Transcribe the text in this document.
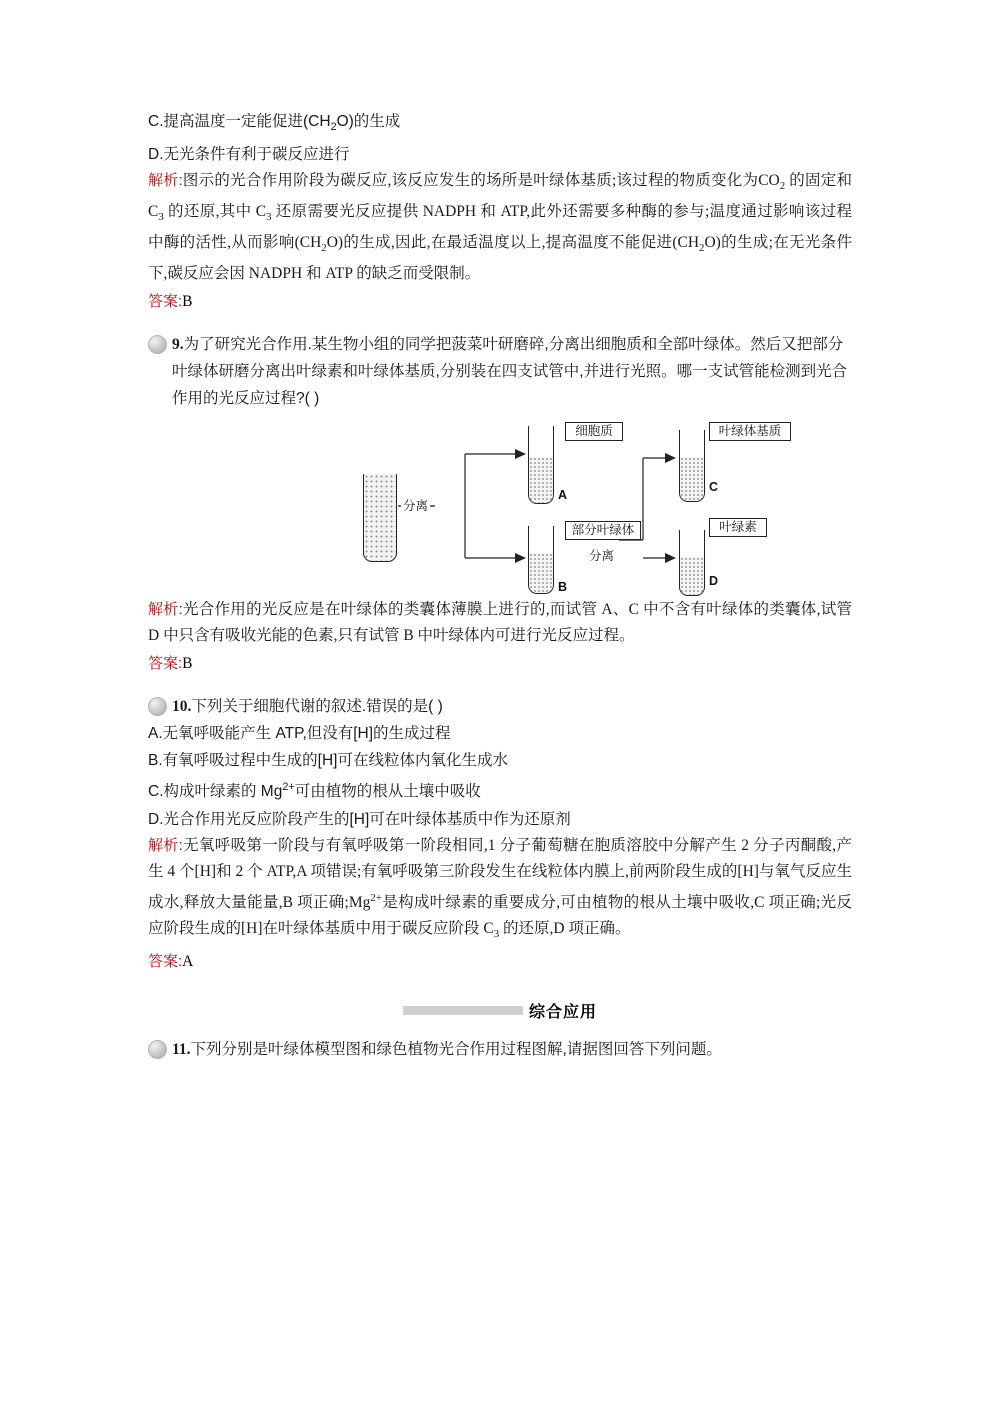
C.提高温度一定能促进$(CH_2O)$的生成
D.无光条件有利于碳反应进行

解析:图示的光合作用阶段为碳反应,该反应发生的场所是叶绿体基质;该过程的物质变化为$CO_2$ 的固定和 $C_3$ 的还原,其中 $C_3$ 还原需要光反应提供 NADPH 和 ATP,此外还需要多种酶的参与;温度通过影响该过程中酶的活性,从而影响$(CH_2O)$的生成,因此,在最适温度以上,提高温度不能促进$(CH_2O)$的生成;在无光条件下,碳反应会因 NADPH 和 ATP 的缺乏而受限制。

答案:B

9.为了研究光合作用.某生物小组的同学把菠菜叶研磨碎,分离出细胞质和全部叶绿体。然后又把部分叶绿体研磨分离出叶绿素和叶绿体基质,分别装在四支试管中,并进行光照。哪一支试管能检测到光合作用的光反应过程?( )
A
细胞质
B
部分叶绿体
分离
C
叶绿体基质
D
叶绿素
分离

解析:光合作用的光反应是在叶绿体的类囊体薄膜上进行的,而试管 A、C 中不含有叶绿体的类囊体,试管 D 中只含有吸收光能的色素,只有试管 B 中叶绿体内可进行光反应过程。

答案:B

10.下列关于细胞代谢的叙述.错误的是( )
A.无氧呼吸能产生 ATP,但没有[H]的生成过程
B.有氧呼吸过程中生成的[H]可在线粒体内氧化生成水
C.构成叶绿素的 $Mg^{2+}$可由植物的根从土壤中吸收
D.光合作用光反应阶段产生的[H]可在叶绿体基质中作为还原剂

解析:无氧呼吸第一阶段与有氧呼吸第一阶段相同,1 分子葡萄糖在胞质溶胶中分解产生 2 分子丙酮酸,产生 4 个[H]和 2 个 ATP,A 项错误;有氧呼吸第三阶段发生在线粒体内膜上,前两阶段生成的[H]与氧气反应生成水,释放大量能量,B 项正确$;Mg^{2+}$是构成叶绿素的重要成分,可由植物的根从土壤中吸收,C 项正确;光反应阶段生成的[H]在叶绿体基质中用于碳反应阶段 $C_3$ 的还原,D 项正确。

答案:A

综合应用
11.下列分别是叶绿体模型图和绿色植物光合作用过程图解,请据图回答下列问题。
